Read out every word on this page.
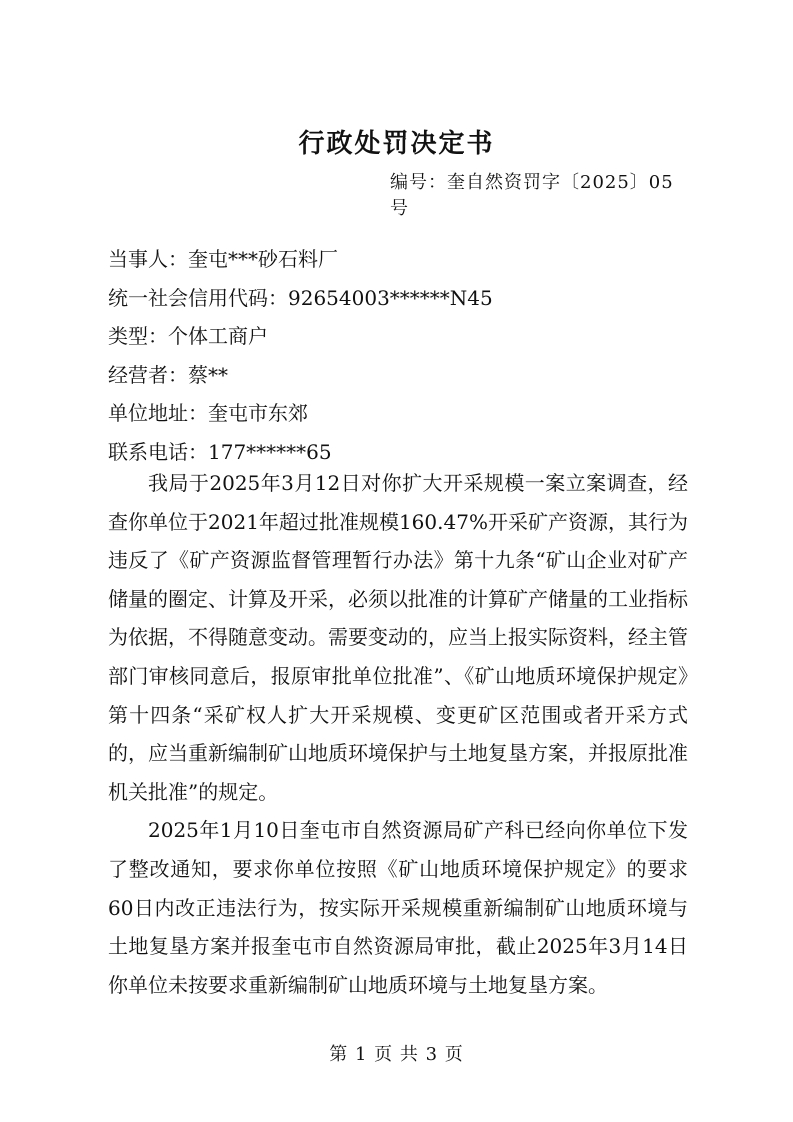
行政处罚决定书
编号：奎自然资罚字〔2025〕05号
当事人：奎屯***砂石料厂
统一社会信用代码：92654003******N45
类型：个体工商户
经营者：蔡**
单位地址：奎屯市东郊
联系电话：177******65

我局于2025年3月12日对你扩大开采规模一案立案调查，经查你单位于2021年超过批准规模160.47%开采矿产资源，其行为违反了《矿产资源监督管理暂行办法》第十九条“矿山企业对矿产储量的圈定、计算及开采，必须以批准的计算矿产储量的工业指标为依据，不得随意变动。需要变动的，应当上报实际资料，经主管部门审核同意后，报原审批单位批准”、《矿山地质环境保护规定》第十四条“采矿权人扩大开采规模、变更矿区范围或者开采方式的，应当重新编制矿山地质环境保护与土地复垦方案，并报原批准机关批准”的规定。

2025年1月10日奎屯市自然资源局矿产科已经向你单位下发了整改通知，要求你单位按照《矿山地质环境保护规定》的要求60日内改正违法行为，按实际开采规模重新编制矿山地质环境与土地复垦方案并报奎屯市自然资源局审批，截止2025年3月14日你单位未按要求重新编制矿山地质环境与土地复垦方案。

第 1 页 共 3 页
